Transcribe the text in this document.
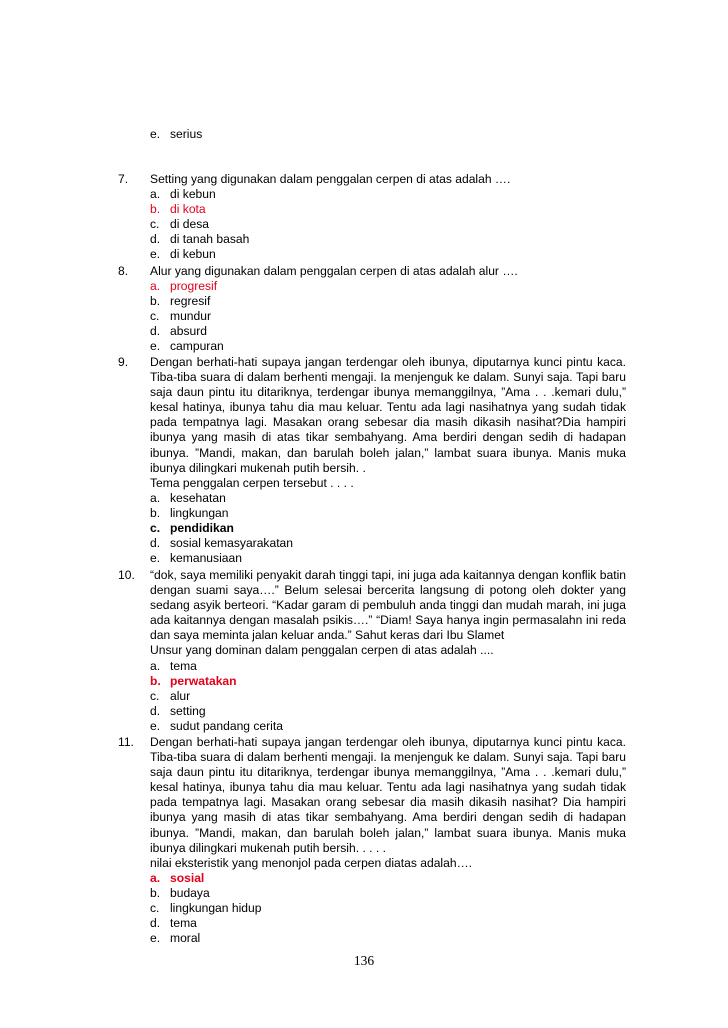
e. serius
7. Setting yang digunakan dalam penggalan cerpen di atas adalah ….
a. di kebun
b. di kota
c. di desa
d. di tanah basah
e. di kebun
8. Alur yang digunakan dalam penggalan cerpen di atas adalah alur ….
a. progresif
b. regresif
c. mundur
d. absurd
e. campuran
9. Dengan berhati-hati supaya jangan terdengar oleh ibunya, diputarnya kunci pintu kaca.
Tiba-tiba suara di dalam berhenti mengaji. Ia menjenguk ke dalam. Sunyi saja. Tapi baru
saja daun pintu itu ditariknya, terdengar ibunya memanggilnya, ”Ama . . .kemari dulu,”
kesal hatinya, ibunya tahu dia mau keluar. Tentu ada lagi nasihatnya yang sudah tidak
pada tempatnya lagi. Masakan orang sebesar dia masih dikasih nasihat?Dia hampiri
ibunya yang masih di atas tikar sembahyang. Ama berdiri dengan sedih di hadapan
ibunya. ”Mandi, makan, dan barulah boleh jalan,” lambat suara ibunya. Manis muka
ibunya dilingkari mukenah putih bersih. .
Tema penggalan cerpen tersebut . . . .
a. kesehatan
b. lingkungan
c. pendidikan
d. sosial kemasyarakatan
e. kemanusiaan
10. “dok, saya memiliki penyakit darah tinggi tapi, ini juga ada kaitannya dengan konflik batin
dengan suami saya….” Belum selesai bercerita langsung di potong oleh dokter yang
sedang asyik berteori. “Kadar garam di pembuluh anda tinggi dan mudah marah, ini juga
ada kaitannya dengan masalah psikis….” “Diam! Saya hanya ingin permasalahn ini reda
dan saya meminta jalan keluar anda.” Sahut keras dari Ibu Slamet
Unsur yang dominan dalam penggalan cerpen di atas adalah ....
a. tema
b. perwatakan
c. alur
d. setting
e. sudut pandang cerita
11. Dengan berhati-hati supaya jangan terdengar oleh ibunya, diputarnya kunci pintu kaca.
Tiba-tiba suara di dalam berhenti mengaji. Ia menjenguk ke dalam. Sunyi saja. Tapi baru
saja daun pintu itu ditariknya, terdengar ibunya memanggilnya, ”Ama . . .kemari dulu,”
kesal hatinya, ibunya tahu dia mau keluar. Tentu ada lagi nasihatnya yang sudah tidak
pada tempatnya lagi. Masakan orang sebesar dia masih dikasih nasihat? Dia hampiri
ibunya yang masih di atas tikar sembahyang. Ama berdiri dengan sedih di hadapan
ibunya. ”Mandi, makan, dan barulah boleh jalan,” lambat suara ibunya. Manis muka
ibunya dilingkari mukenah putih bersih. . . . .
nilai eksteristik yang menonjol pada cerpen diatas adalah….
a. sosial
b. budaya
c. lingkungan hidup
d. tema
e. moral
136
